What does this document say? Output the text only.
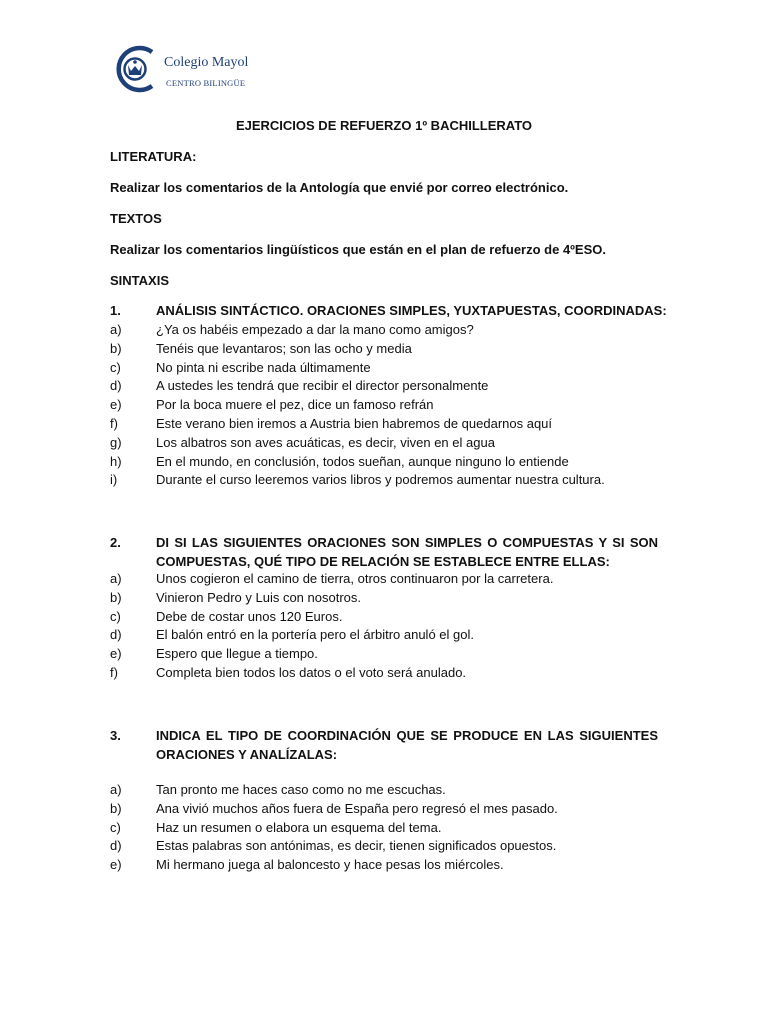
Colegio Mayol
CENTRO BILINGÜE
EJERCICIOS DE REFUERZO 1º BACHILLERATO
LITERATURA:
Realizar los comentarios de la Antología que envié por correo electrónico.
TEXTOS
Realizar los comentarios lingüísticos que están en el plan de refuerzo de 4ºESO.
SINTAXIS
1.	ANÁLISIS SINTÁCTICO. ORACIONES SIMPLES, YUXTAPUESTAS, COORDINADAS:
a)	¿Ya os habéis empezado a dar la mano como amigos?
b)	Tenéis que levantaros; son las ocho y media
c)	No pinta ni escribe nada últimamente
d)	A ustedes les tendrá que recibir el director personalmente
e)	Por la boca muere el pez, dice un famoso refrán
f)	Este verano bien iremos a Austria bien habremos de quedarnos aquí
g)	Los albatros son aves acuáticas, es decir, viven en el agua
h)	En el mundo, en conclusión, todos sueñan, aunque ninguno lo entiende
i)	Durante el curso leeremos varios libros y podremos aumentar nuestra cultura.
2.	DI SI LAS SIGUIENTES ORACIONES SON SIMPLES O COMPUESTAS Y SI SON
COMPUESTAS, QUÉ TIPO DE RELACIÓN SE ESTABLECE ENTRE ELLAS:
a)	Unos cogieron el camino de tierra, otros continuaron por la carretera.
b)	Vinieron Pedro y Luis con nosotros.
c)	Debe de costar unos 120 Euros.
d)	El balón entró en la portería pero el árbitro anuló el gol.
e)	Espero que llegue a tiempo.
f)	Completa bien todos los datos o el voto será anulado.
3.	INDICA EL TIPO DE COORDINACIÓN QUE SE PRODUCE EN LAS SIGUIENTES
ORACIONES Y ANALÍZALAS:
a)	Tan pronto me haces caso como no me escuchas.
b)	Ana vivió muchos años fuera de España pero regresó el mes pasado.
c)	Haz un resumen o elabora un esquema del tema.
d)	Estas palabras son antónimas, es decir, tienen significados opuestos.
e)	Mi hermano juega al baloncesto y hace pesas los miércoles.
